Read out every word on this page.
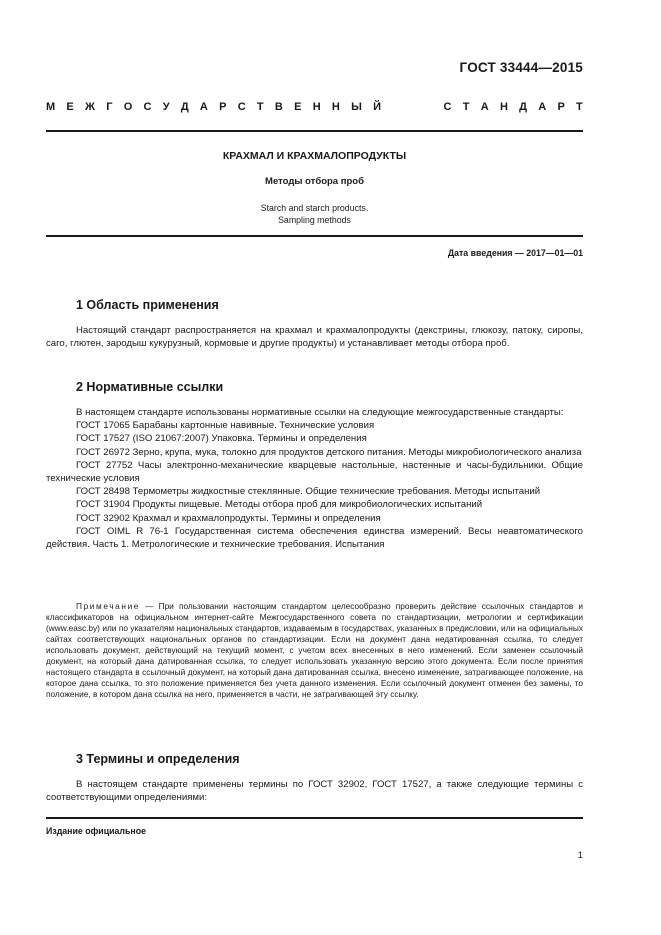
ГОСТ 33444—2015
М Е Ж Г О С У Д А Р С Т В Е Н Н Ы Й	С Т А Н Д А Р Т
КРАХМАЛ И КРАХМАЛОПРОДУКТЫ
Методы отбора проб
Starch and starch products.
Sampling methods
Дата введения — 2017—01—01
1 Область применения

Настоящий стандарт распространяется на крахмал и крахмалопродукты (декстрины, глюкозу, патоку, сиропы, саго, глютен, зародыш кукурузный, кормовые и другие продукты) и устанавливает методы отбора проб.

2 Нормативные ссылки

В настоящем стандарте использованы нормативные ссылки на следующие межгосударственные стандарты:

ГОСТ 17065 Барабаны картонные навивные. Технические условия

ГОСТ 17527 (ISO 21067:2007) Упаковка. Термины и определения

ГОСТ 26972 Зерно, крупа, мука, толокно для продуктов детского питания. Методы микробиологического анализа

ГОСТ 27752 Часы электронно-механические кварцевые настольные, настенные и часы-будильники. Общие технические условия

ГОСТ 28498 Термометры жидкостные стеклянные. Общие технические требования. Методы испытаний

ГОСТ 31904 Продукты пищевые. Методы отбора проб для микробиологических испытаний

ГОСТ 32902 Крахмал и крахмалопродукты. Термины и определения

ГОСТ OIML R 76-1 Государственная система обеспечения единства измерений. Весы неавтоматического действия. Часть 1. Метрологические и технические требования. Испытания

Примечание — При пользовании настоящим стандартом целесообразно проверить действие ссылочных стандартов и классификаторов на официальном интернет-сайте Межгосударственного совета по стандартизации, метрологии и сертификации (www.easc.by) или по указателям национальных стандартов, издаваемым в государствах, указанных в предисловии, или на официальных сайтах соответствующих национальных органов по стандартизации. Если на документ дана недатированная ссылка, то следует использовать документ, действующий на текущий момент, с учетом всех внесенных в него изменений. Если заменен ссылочный документ, на который дана датированная ссылка, то следует использовать указанную версию этого документа. Если после принятия настоящего стандарта в ссылочный документ, на который дана датированная ссылка, внесено изменение, затрагивающее положение, на которое дана ссылка, то это положение применяется без учета данного изменения. Если ссылочный документ отменен без замены, то положение, в котором дана ссылка на него, применяется в части, не затрагивающей эту ссылку.

3 Термины и определения

В настоящем стандарте применены термины по ГОСТ 32902, ГОСТ 17527, а также следующие термины с соответствующими определениями:

Издание официальное
1
